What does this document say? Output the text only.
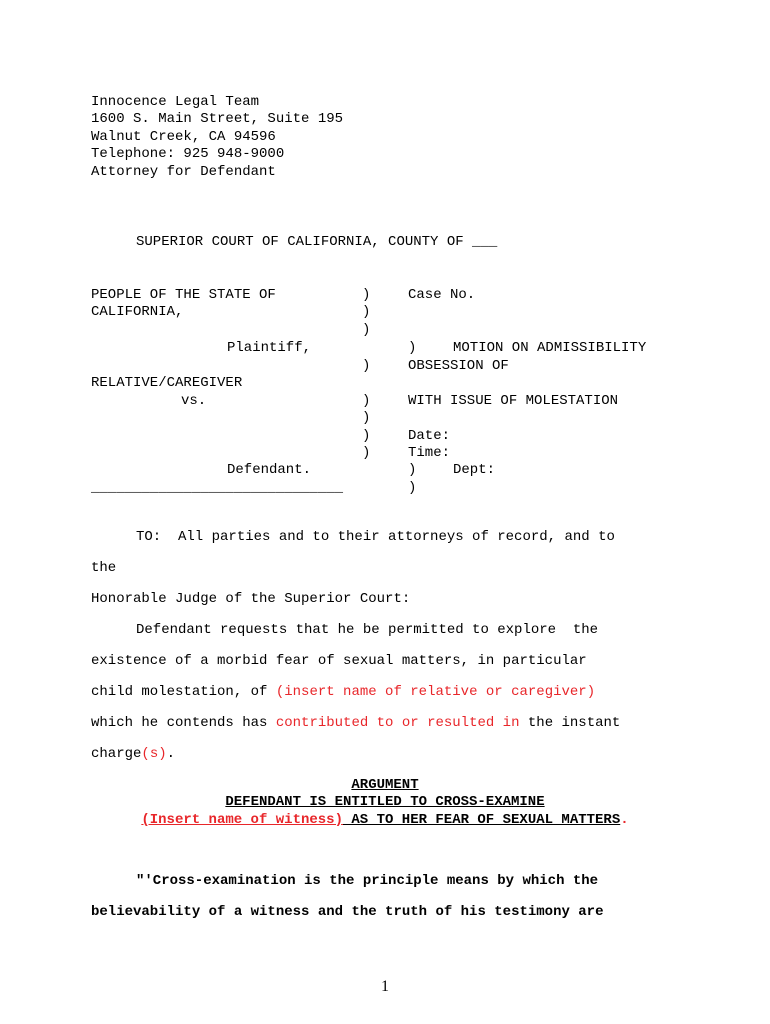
Innocence Legal Team
1600 S. Main Street, Suite 195
Walnut Creek, CA 94596
Telephone: 925 948-9000
Attorney for Defendant
SUPERIOR COURT OF CALIFORNIA, COUNTY OF ___
PEOPLE OF THE STATE OF
CALIFORNIA,
Plaintiff,
RELATIVE/CAREGIVER
vs.
Defendant.
______________________________
)
)
)
)
)
)
)
)
Case No.
)	MOTION ON ADMISSIBILITY
OBSESSION OF
WITH ISSUE OF MOLESTATION
Date:
Time:
)	Dept:
)
TO:  All parties and to their attorneys of record, and to
the
Honorable Judge of the Superior Court:
Defendant requests that he be permitted to explore  the
existence of a morbid fear of sexual matters, in particular
child molestation, of (insert name of relative or caregiver)
which he contends has contributed to or resulted in the instant
charge(s).
ARGUMENT
DEFENDANT IS ENTITLED TO CROSS-EXAMINE
(Insert name of witness) AS TO HER FEAR OF SEXUAL MATTERS.
"'Cross-examination is the principle means by which the
believability of a witness and the truth of his testimony are
1
